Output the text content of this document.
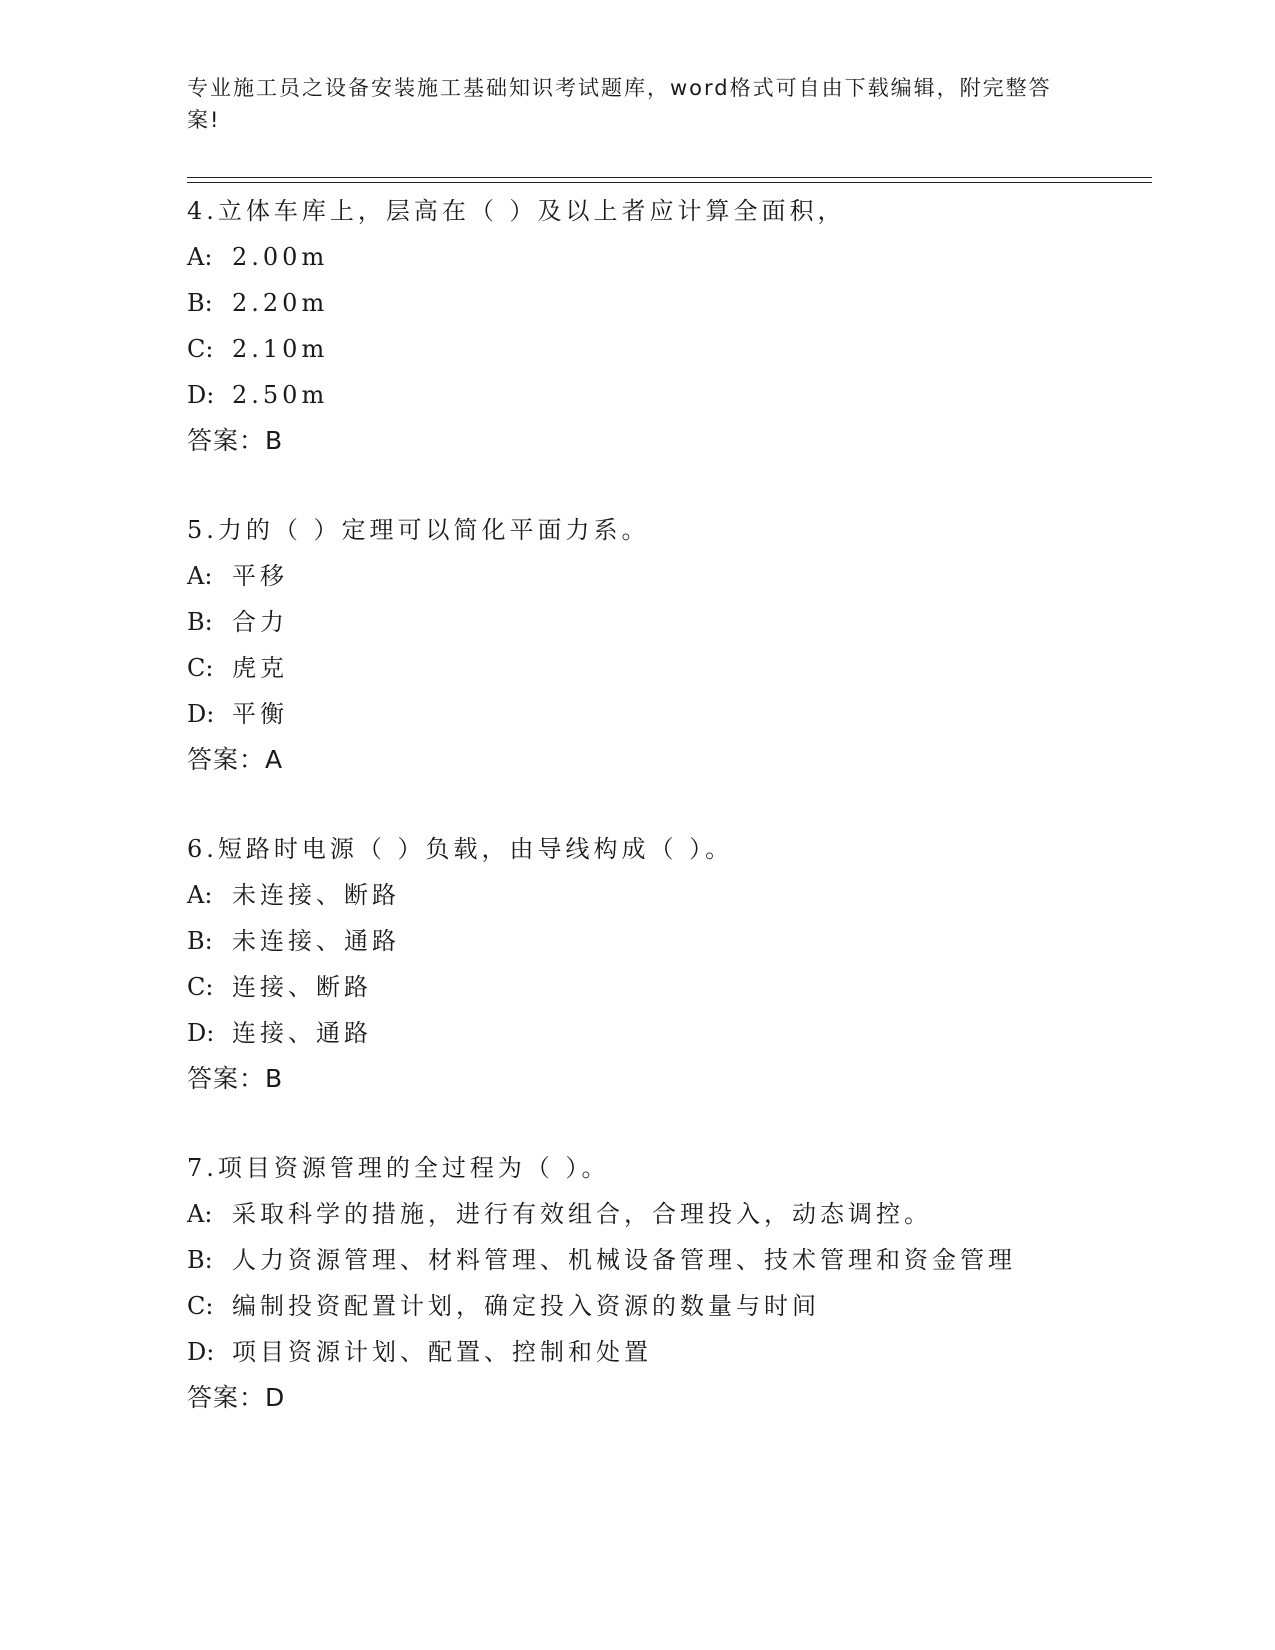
专业施工员之设备安装施工基础知识考试题库，word格式可自由下载编辑，附完整答案!
4.立体车库上，层高在（ ）及以上者应计算全面积，
A: 2.00m
B: 2.20m
C: 2.10m
D: 2.50m
答案：B
5.力的（ ）定理可以简化平面力系。
A: 平移
B: 合力
C: 虎克
D: 平衡
答案：A
6.短路时电源（ ）负载，由导线构成（ ）。
A: 未连接、断路
B: 未连接、通路
C: 连接、断路
D: 连接、通路
答案：B
7.项目资源管理的全过程为（ ）。
A: 采取科学的措施，进行有效组合，合理投入，动态调控。
B: 人力资源管理、材料管理、机械设备管理、技术管理和资金管理
C: 编制投资配置计划，确定投入资源的数量与时间
D: 项目资源计划、配置、控制和处置
答案：D
